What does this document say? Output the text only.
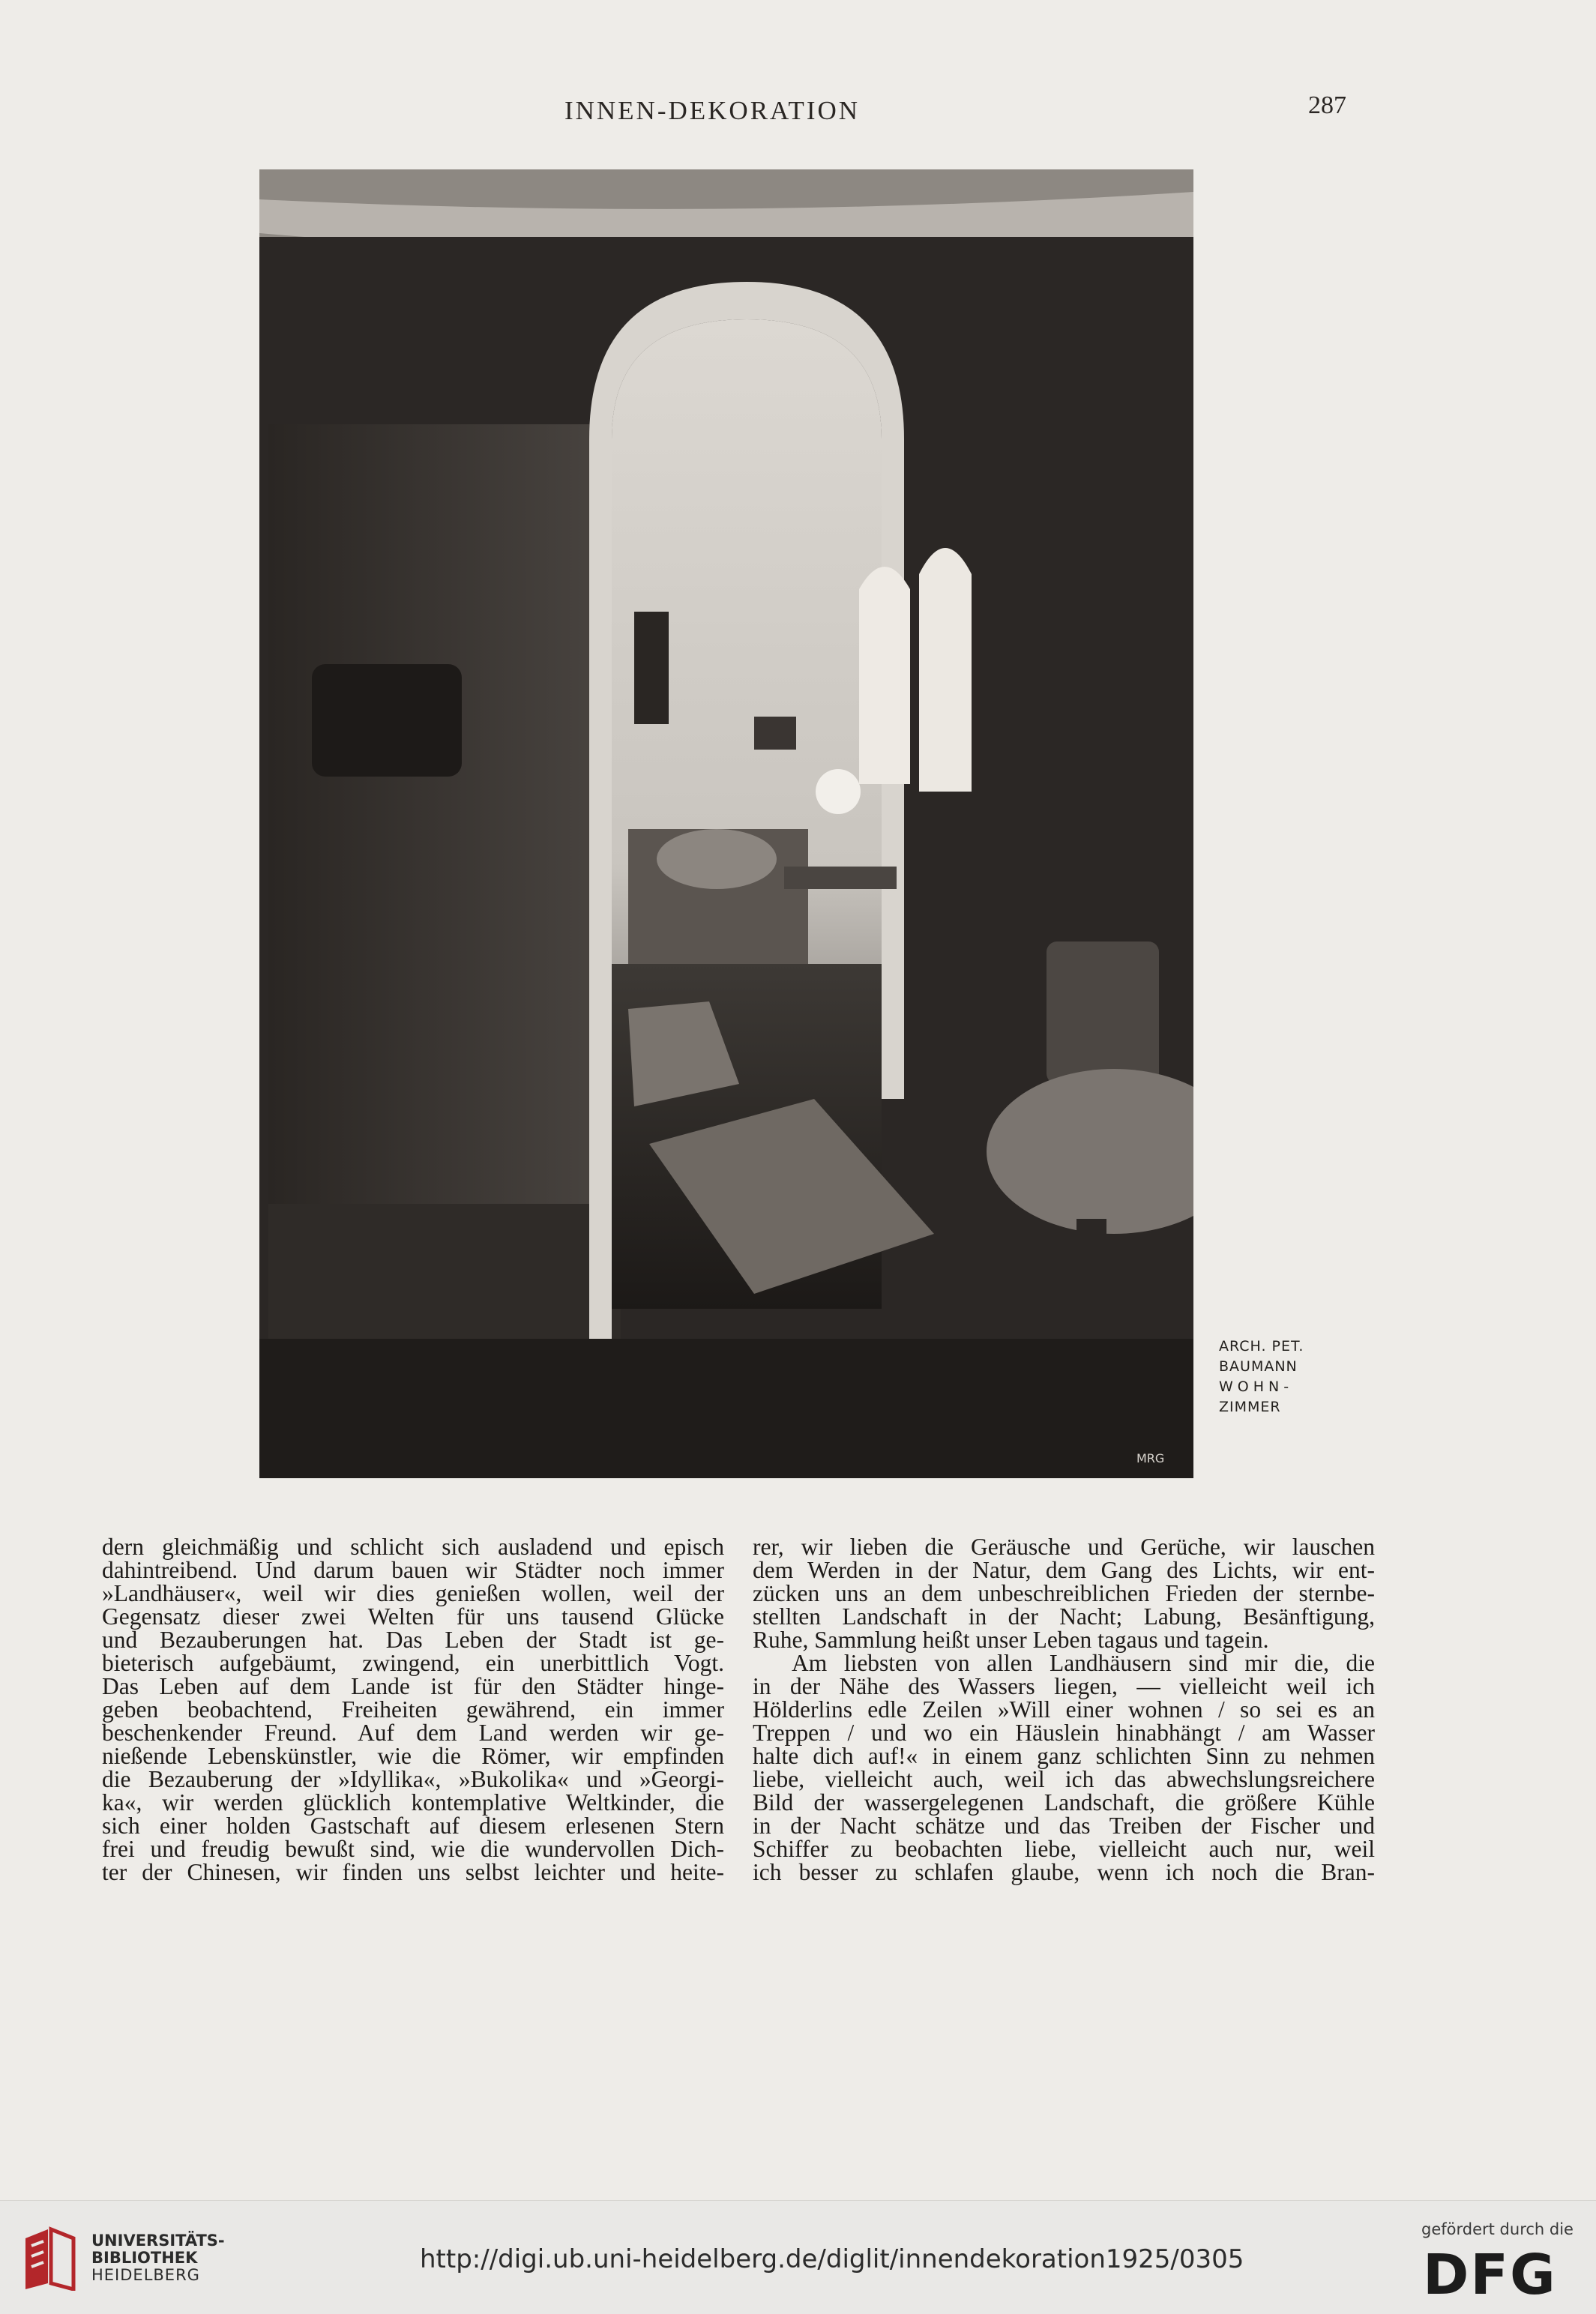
INNEN-DEKORATION	287
MRG
ARCH. PET.
BAUMANN
WOHN-
ZIMMER
dern gleichmäßig und schlicht sich ausladend und episch
dahintreibend. Und darum bauen wir Städter noch immer
»Landhäuser«, weil wir dies genießen wollen, weil der
Gegensatz dieser zwei Welten für uns tausend Glücke
und Bezauberungen hat. Das Leben der Stadt ist ge-
bieterisch aufgebäumt, zwingend, ein unerbittlich Vogt.
Das Leben auf dem Lande ist für den Städter hinge-
geben beobachtend, Freiheiten gewährend, ein immer
beschenkender Freund. Auf dem Land werden wir ge-
nießende Lebenskünstler, wie die Römer, wir empfinden
die Bezauberung der »Idyllika«, »Bukolika« und »Georgi-
ka«, wir werden glücklich kontemplative Weltkinder, die
sich einer holden Gastschaft auf diesem erlesenen Stern
frei und freudig bewußt sind, wie die wundervollen Dich-
ter der Chinesen, wir finden uns selbst leichter und heite-
rer, wir lieben die Geräusche und Gerüche, wir lauschen
dem Werden in der Natur, dem Gang des Lichts, wir ent-
zücken uns an dem unbeschreiblichen Frieden der sternbe-
stellten Landschaft in der Nacht; Labung, Besänftigung,
Ruhe, Sammlung heißt unser Leben tagaus und tagein.
Am liebsten von allen Landhäusern sind mir die, die
in der Nähe des Wassers liegen, — vielleicht weil ich
Hölderlins edle Zeilen »Will einer wohnen / so sei es an
Treppen / und wo ein Häuslein hinabhängt / am Wasser
halte dich auf!« in einem ganz schlichten Sinn zu nehmen
liebe, vielleicht auch, weil ich das abwechslungsreichere
Bild der wassergelegenen Landschaft, die größere Kühle
in der Nacht schätze und das Treiben der Fischer und
Schiffer zu beobachten liebe, vielleicht auch nur, weil
ich besser zu schlafen glaube, wenn ich noch die Bran-
UNIVERSITÄTS-
BIBLIOTHEK
HEIDELBERG
http://digi.ub.uni-heidelberg.de/diglit/innendekoration1925/0305
gefördert durch die
DFG
